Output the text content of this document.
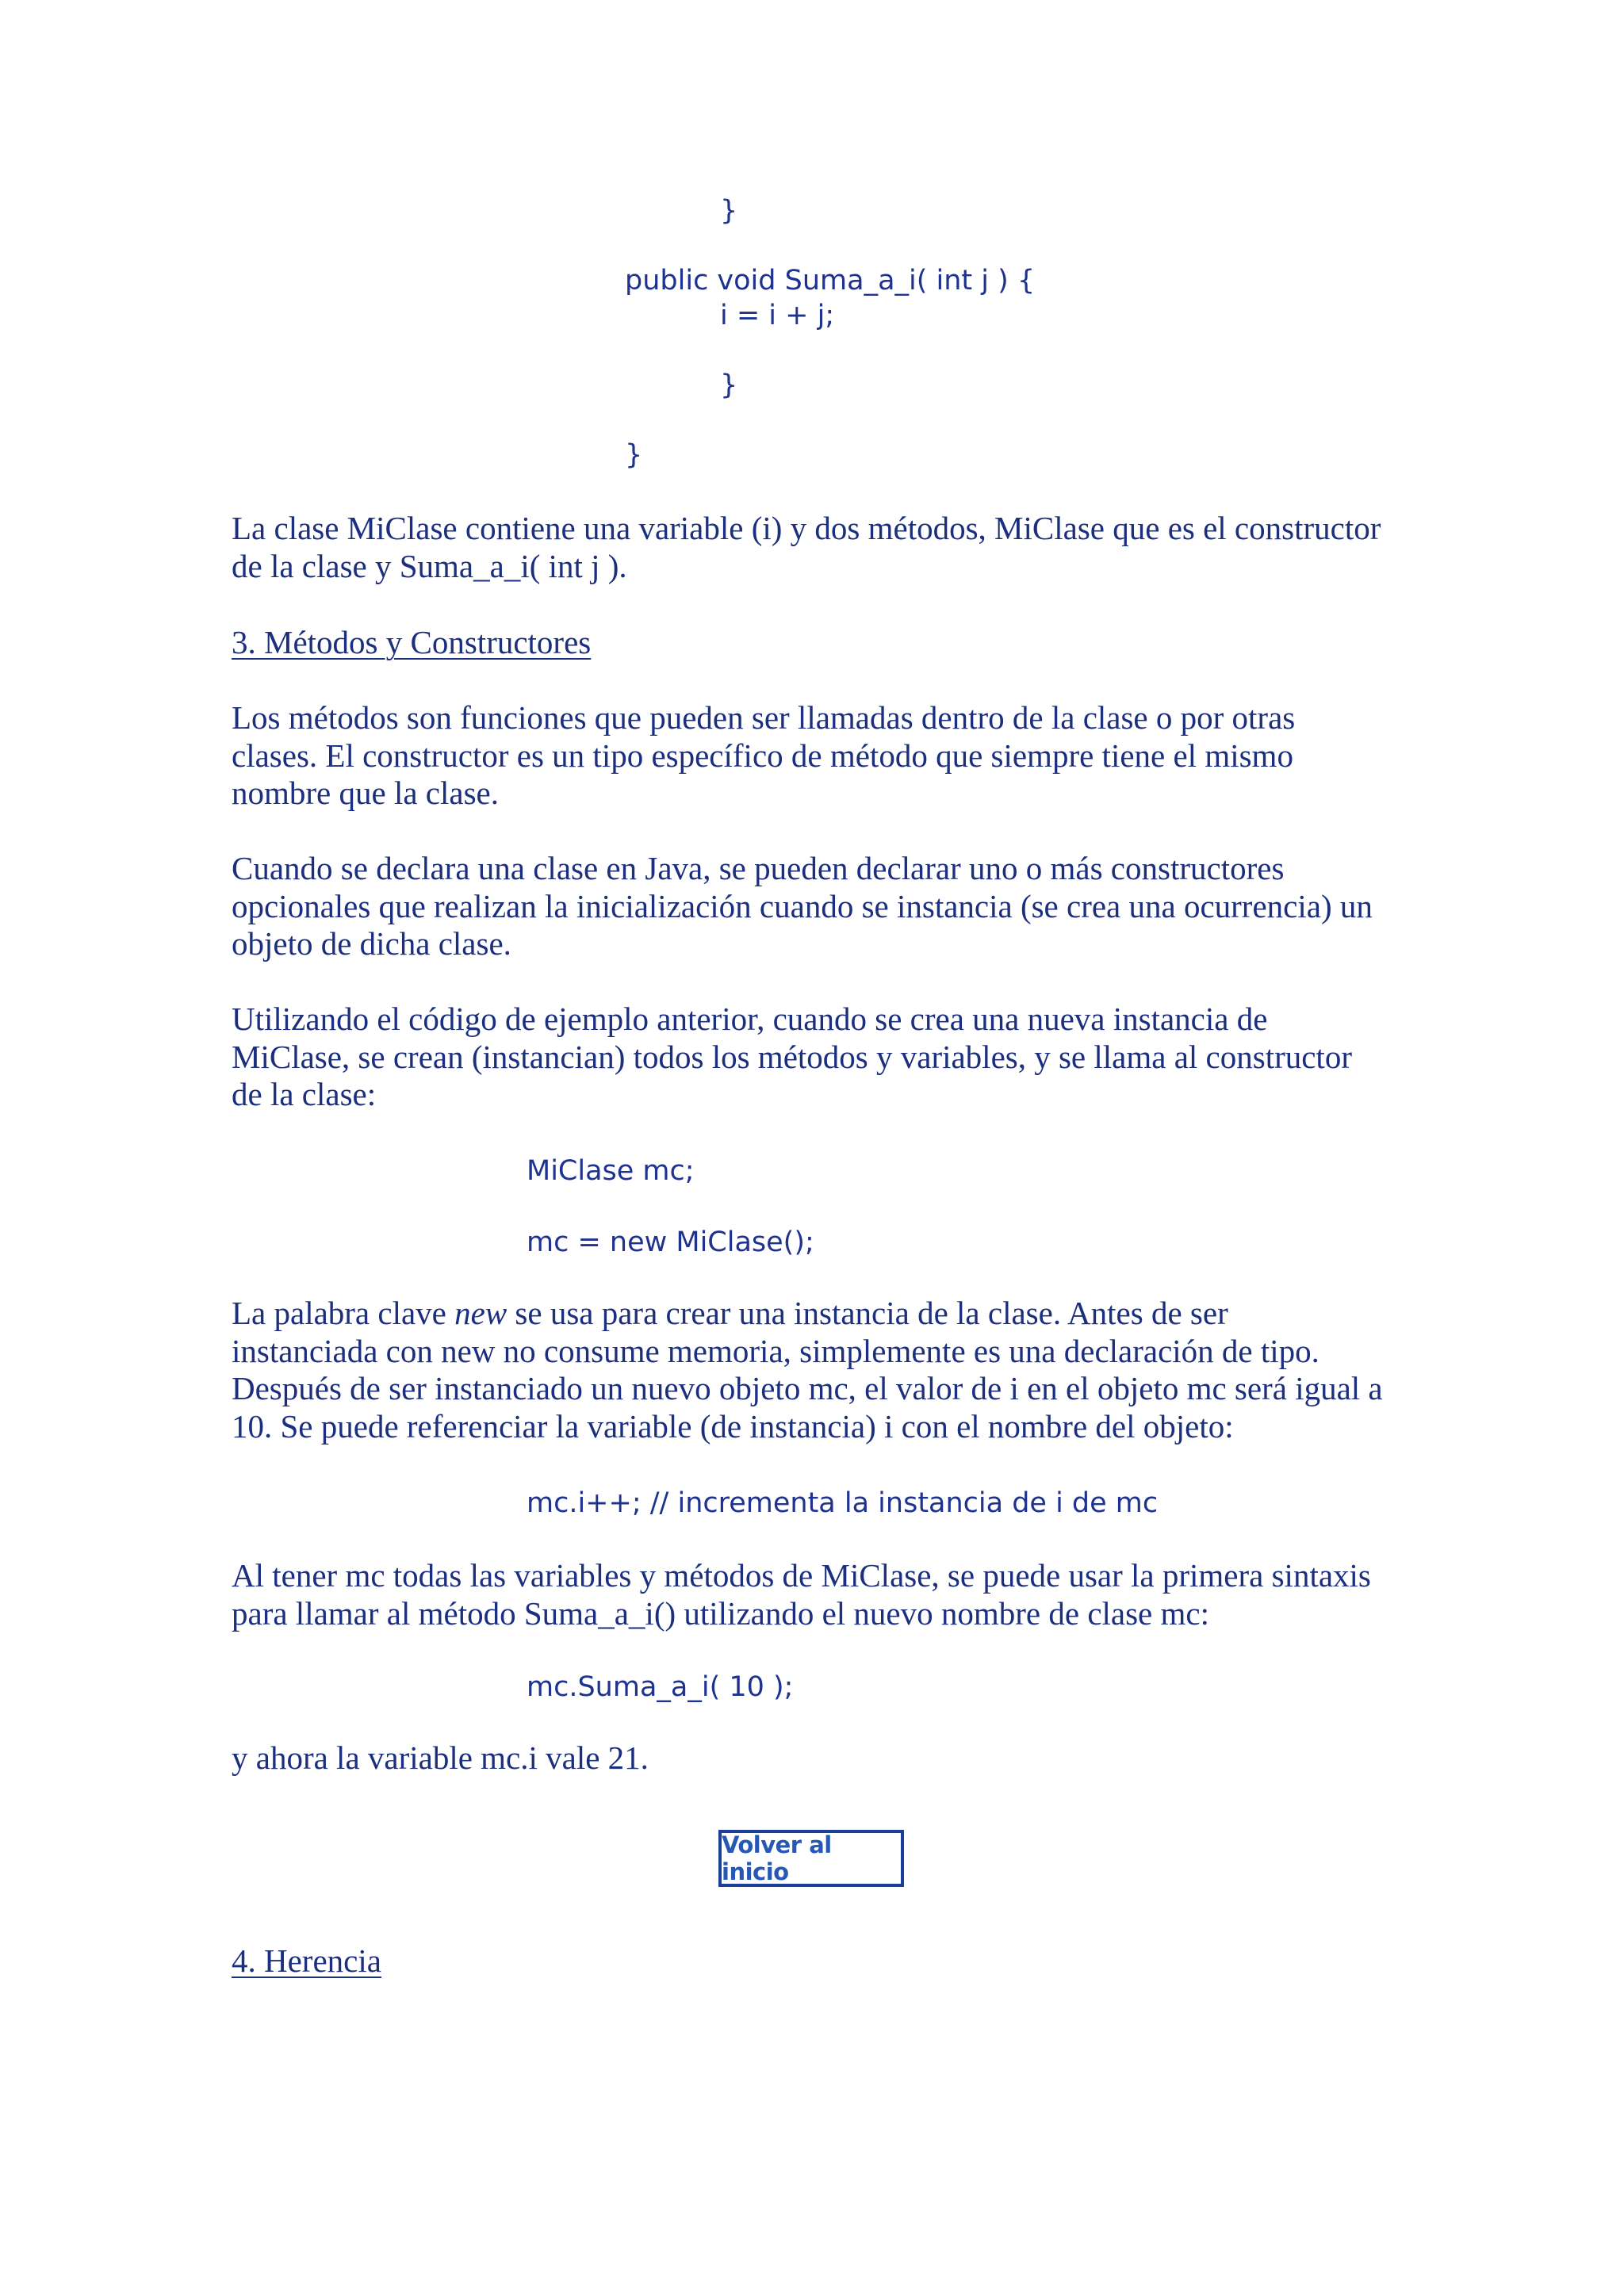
}

public void Suma_a_i( int j ) {

i = i + j;

}

}

La clase MiClase contiene una variable (i) y dos métodos, MiClase que es el constructor
de la clase y Suma_a_i( int j ).
3. Métodos y Constructores
Los métodos son funciones que pueden ser llamadas dentro de la clase o por otras
clases. El constructor es un tipo específico de método que siempre tiene el mismo
nombre que la clase.
Cuando se declara una clase en Java, se pueden declarar uno o más constructores
opcionales que realizan la inicialización cuando se instancia (se crea una ocurrencia) un
objeto de dicha clase.
Utilizando el código de ejemplo anterior, cuando se crea una nueva instancia de
MiClase, se crean (instancian) todos los métodos y variables, y se llama al constructor
de la clase:

MiClase mc;

mc = new MiClase();

La palabra clave new se usa para crear una instancia de la clase. Antes de ser
instanciada con new no consume memoria, simplemente es una declaración de tipo.
Después de ser instanciado un nuevo objeto mc, el valor de i en el objeto mc será igual a
10. Se puede referenciar la variable (de instancia) i con el nombre del objeto:

mc.i++; // incrementa la instancia de i de mc

Al tener mc todas las variables y métodos de MiClase, se puede usar la primera sintaxis
para llamar al método Suma_a_i() utilizando el nuevo nombre de clase mc:

mc.Suma_a_i( 10 );

y ahora la variable mc.i vale 21.
Volver al inicio
4. Herencia
